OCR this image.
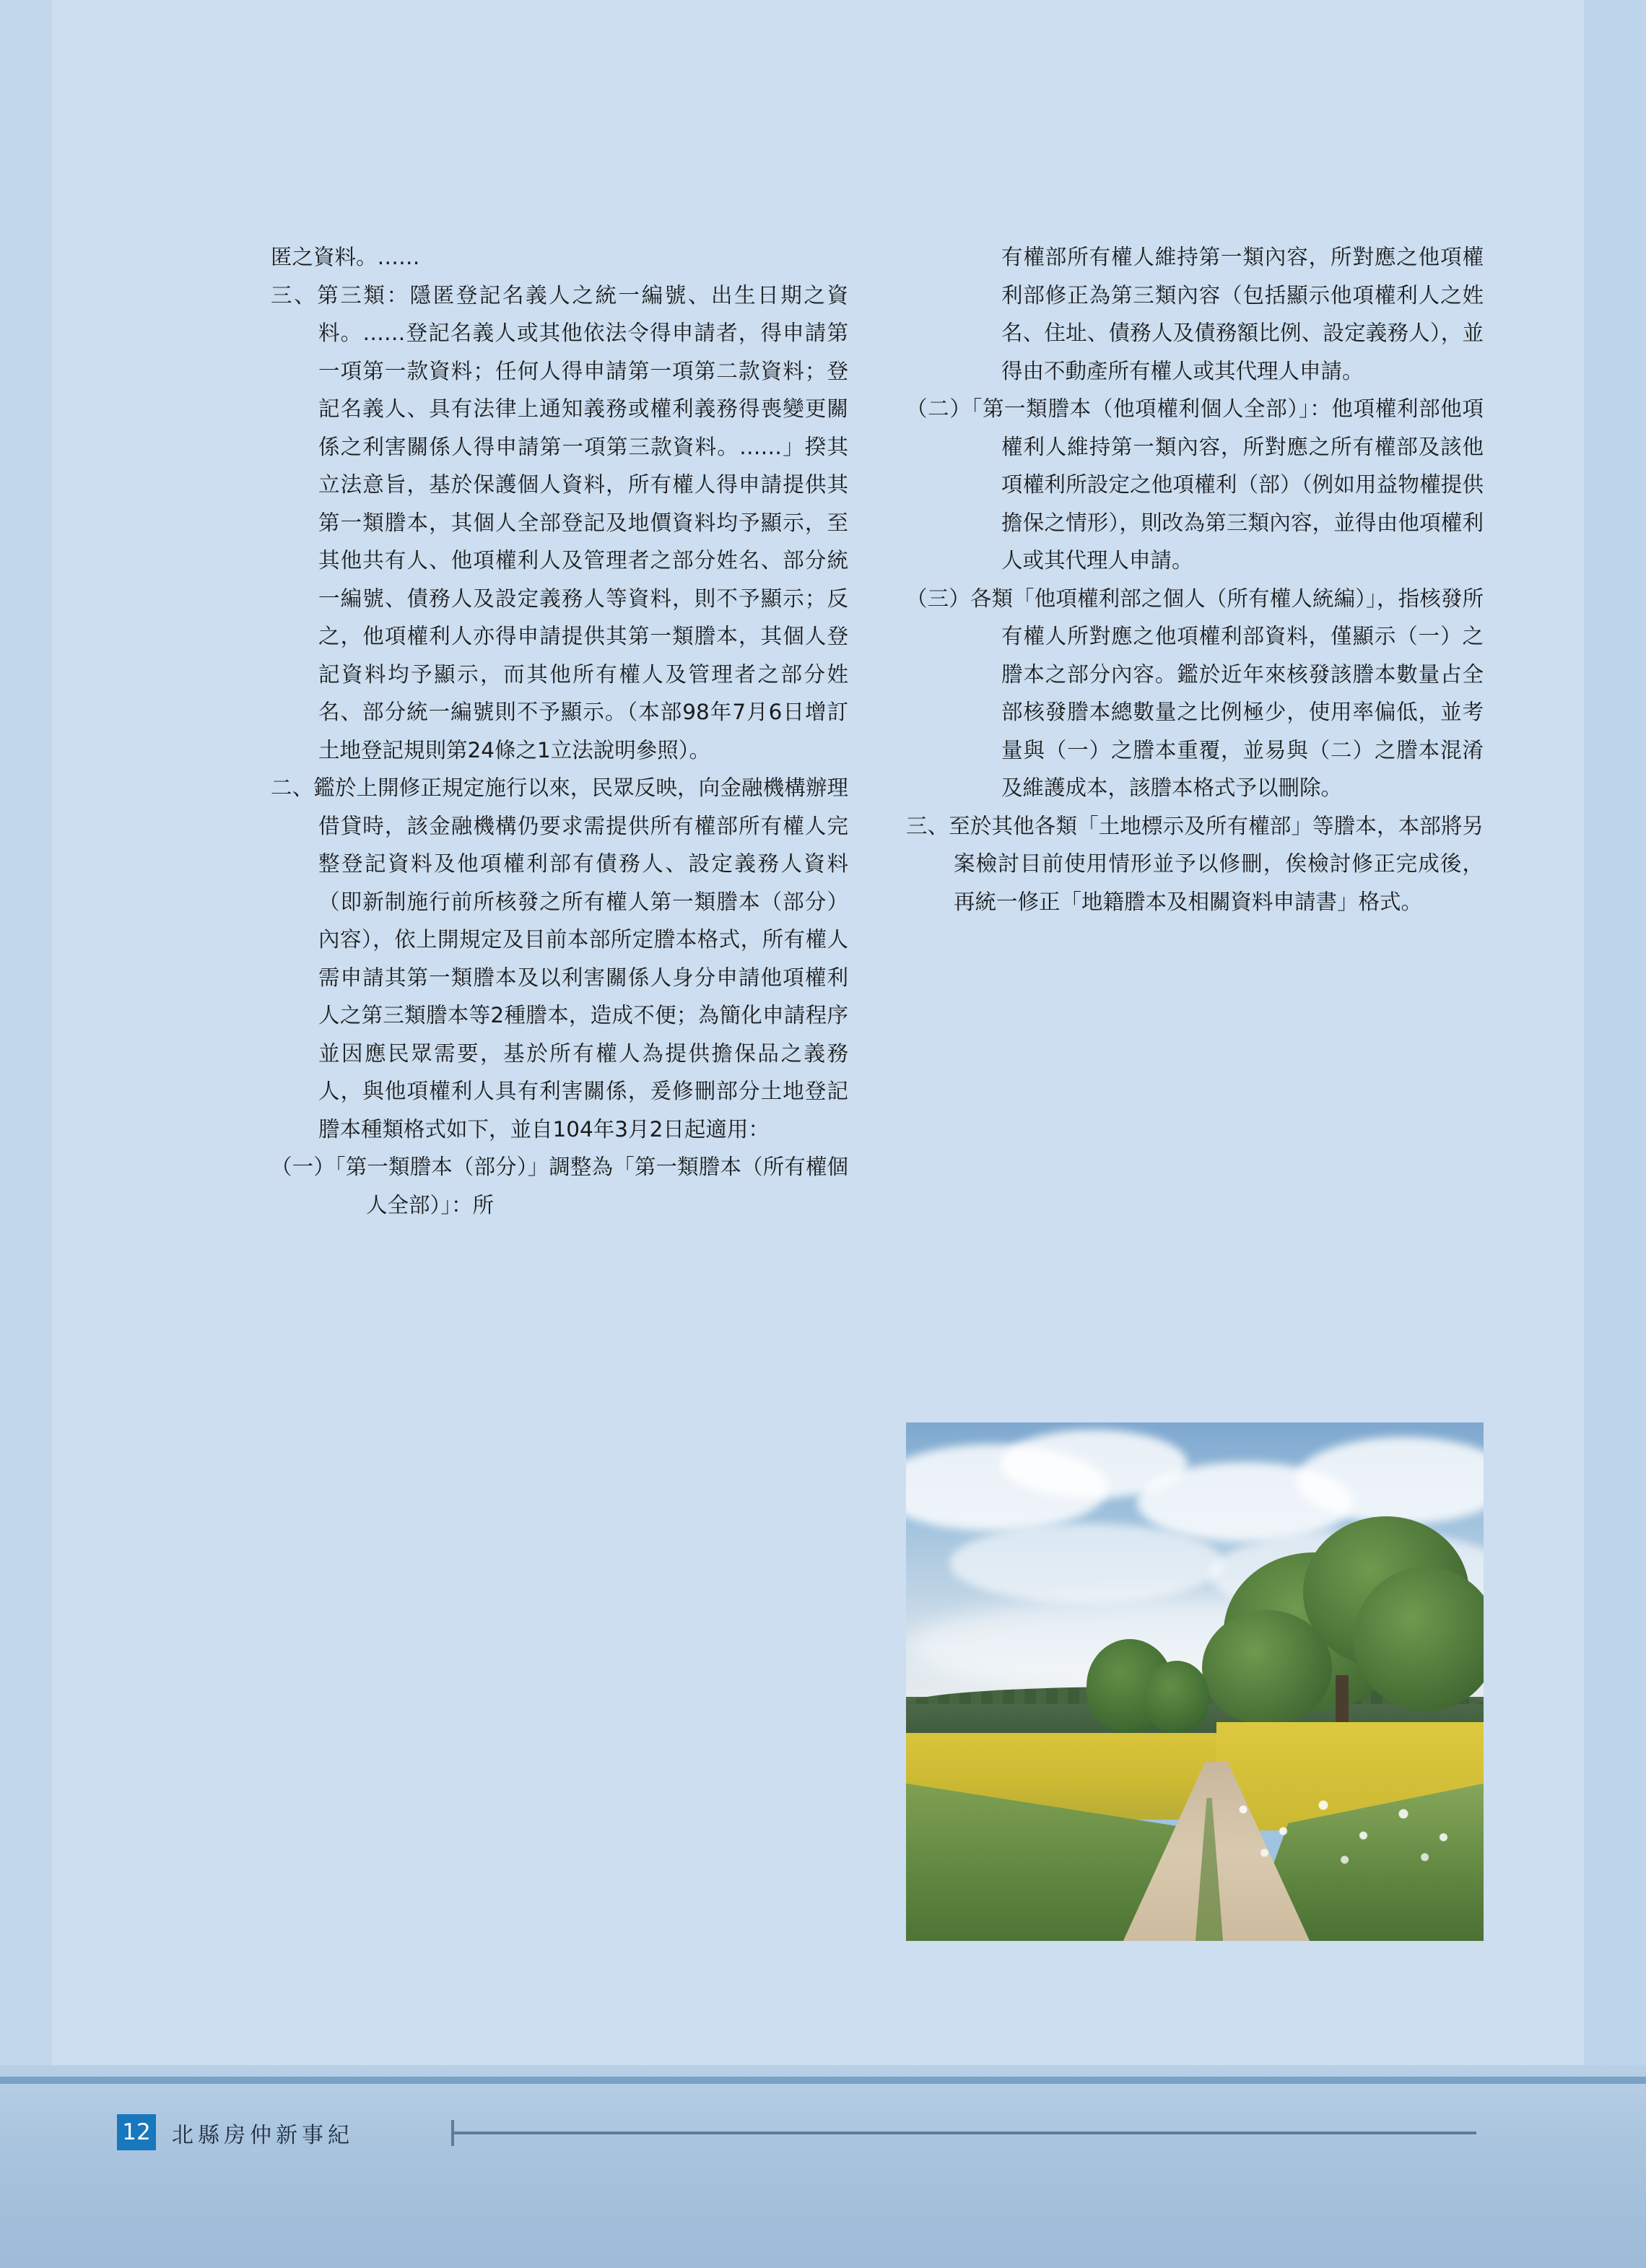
匿之資料。……

三、第三類：隱匿登記名義人之統一編號、出生日期之資料。……登記名義人或其他依法令得申請者，得申請第一項第一款資料；任何人得申請第一項第二款資料；登記名義人、具有法律上通知義務或權利義務得喪變更關係之利害關係人得申請第一項第三款資料。……」揆其立法意旨，基於保護個人資料，所有權人得申請提供其第一類謄本，其個人全部登記及地價資料均予顯示，至其他共有人、他項權利人及管理者之部分姓名、部分統一編號、債務人及設定義務人等資料，則不予顯示；反之，他項權利人亦得申請提供其第一類謄本，其個人登記資料均予顯示，而其他所有權人及管理者之部分姓名、部分統一編號則不予顯示。（本部98年7月6日增訂土地登記規則第24條之1立法說明參照）。

二、鑑於上開修正規定施行以來，民眾反映，向金融機構辦理借貸時，該金融機構仍要求需提供所有權部所有權人完整登記資料及他項權利部有債務人、設定義務人資料（即新制施行前所核發之所有權人第一類謄本（部分）內容），依上開規定及目前本部所定謄本格式，所有權人需申請其第一類謄本及以利害關係人身分申請他項權利人之第三類謄本等2種謄本，造成不便；為簡化申請程序並因應民眾需要，基於所有權人為提供擔保品之義務人，與他項權利人具有利害關係，爰修刪部分土地登記謄本種類格式如下，並自104年3月2日起適用：

（一）「第一類謄本（部分）」調整為「第一類謄本（所有權個人全部）」：所

有權部所有權人維持第一類內容，所對應之他項權利部修正為第三類內容（包括顯示他項權利人之姓名、住址、債務人及債務額比例、設定義務人），並得由不動產所有權人或其代理人申請。

（二）「第一類謄本（他項權利個人全部）」：他項權利部他項權利人維持第一類內容，所對應之所有權部及該他項權利所設定之他項權利（部）（例如用益物權提供擔保之情形），則改為第三類內容，並得由他項權利人或其代理人申請。

（三）各類「他項權利部之個人（所有權人統編）」，指核發所有權人所對應之他項權利部資料，僅顯示（一）之謄本之部分內容。鑑於近年來核發該謄本數量占全部核發謄本總數量之比例極少，使用率偏低，並考量與（一）之謄本重覆，並易與（二）之謄本混淆及維護成本，該謄本格式予以刪除。

三、至於其他各類「土地標示及所有權部」等謄本，本部將另案檢討目前使用情形並予以修刪，俟檢討修正完成後，再統一修正「地籍謄本及相關資料申請書」格式。

12 北縣房仲新事紀
